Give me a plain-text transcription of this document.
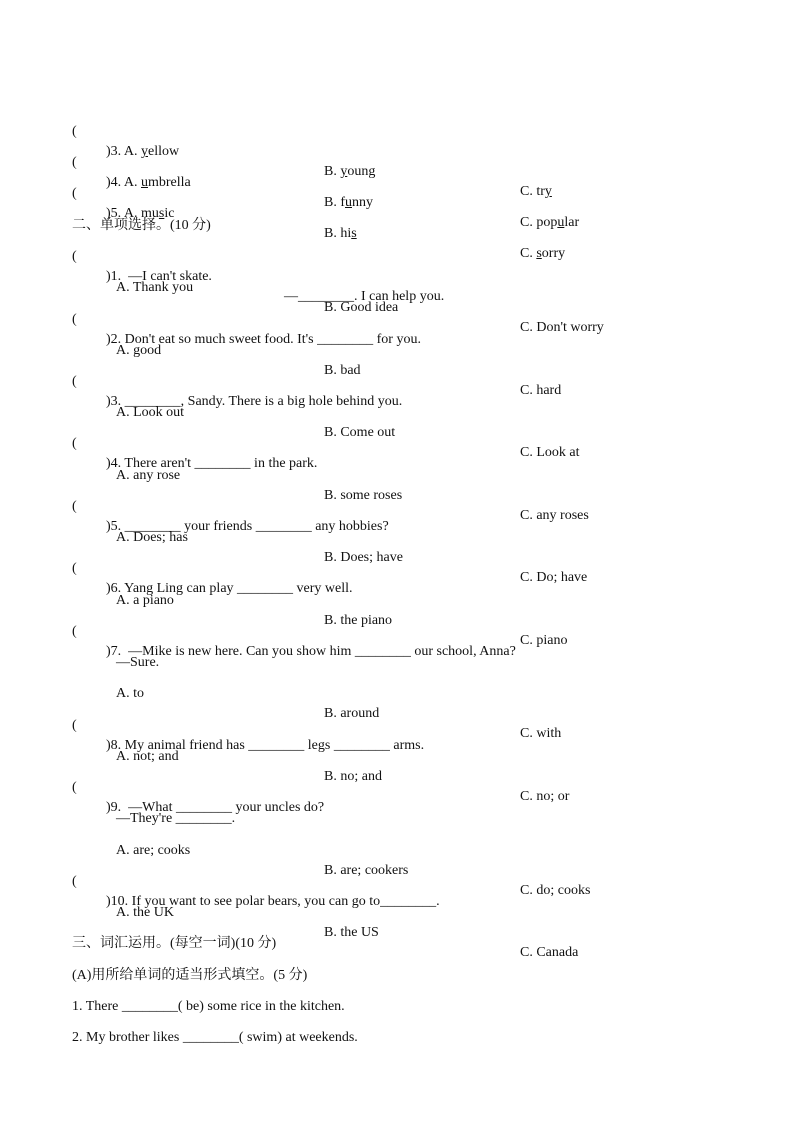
(

)3. A. yellow

B. young

C. try

(

)4. A. umbrella

B. funny

C. popular

(

)5. A. music

B. his

C. sorry

二、单项选择。(10 分)

(

)1.  —I can't skate.

—________. I can help you.

A. Thank you

B. Good idea

C. Don't worry

(

)2. Don't eat so much sweet food. It's ________ for you.

A. good

B. bad

C. hard

(

)3. ________, Sandy. There is a big hole behind you.

A. Look out

B. Come out

C. Look at

(

)4. There aren't ________ in the park.

A. any rose

B. some roses

C. any roses

(

)5. ________ your friends ________ any hobbies?

A. Does; has

B. Does; have

C. Do; have

(

)6. Yang Ling can play ________ very well.

A. a piano

B. the piano

C. piano

(

)7.  —Mike is new here. Can you show him ________ our school, Anna?

—Sure.

A. to

B. around

C. with

(

)8. My animal friend has ________ legs ________ arms.

A. not; and

B. no; and

C. no; or

(

)9.  —What ________ your uncles do?

—They're ________.

A. are; cooks

B. are; cookers

C. do; cooks

(

)10. If you want to see polar bears, you can go to________.

A. the UK

B. the US

C. Canada

三、词汇运用。(每空一词)(10 分)

(A)用所给单词的适当形式填空。(5 分)

1. There ________( be) some rice in the kitchen.

2. My brother likes ________( swim) at weekends.
